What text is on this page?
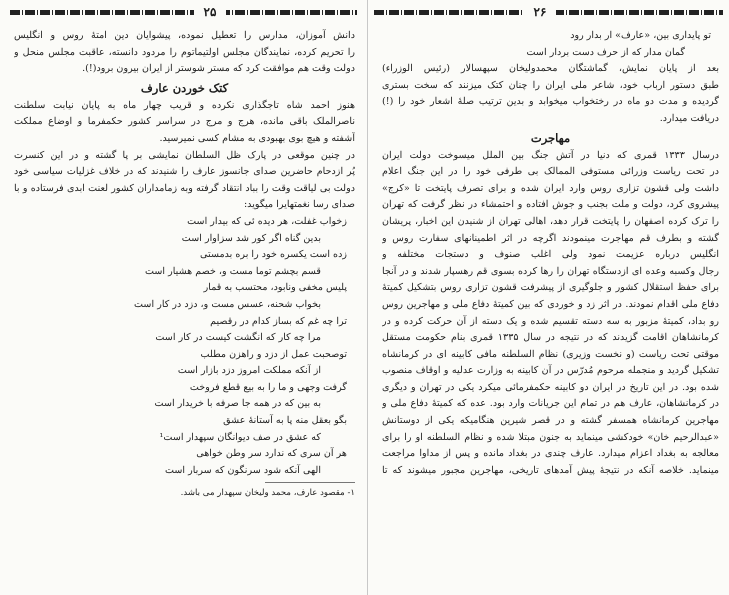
۲۶
تو پایداری بین، «عارف» ار بدار رود
گمان مدار که از حرف دست بردار است
بعد از پایان نمایش، گماشتگان محمدولیخان سپهسالار (رئیس الوزراء)
طبق دستور ارباب خود، شاعر ملی ایران را چنان کتک میزنند که سخت بستری
گردیده و مدت دو ماه در رختخواب میخوابد و بدین ترتیب صلۀ اشعار خود را (!)
دریافت میدارد.
مهاجرت
درسال ۱۳۳۳ قمری که دنیا در آتش جنگ بین الملل میسوخت دولت ایران
در تحت ریاست وزرائی مستوفی الممالک بی طرفی خود را در این جنگ اعلام
داشت ولی قشون تزاری روس وارد ایران شده و برای تصرف پایتخت تا «کرج»
پیشروی کرد، دولت و ملت بجنب و جوش افتاده و احتمشاء در نظر گرفت که تهران
را ترک کرده اصفهان را پایتخت قرار دهد، اهالی تهران از شنیدن این اخبار، پریشان
گشته و بطرف قم مهاجرت مینمودند اگرچه در اثر اطمینانهای سفارت روس و
انگلیس درباره عزیمت نمود ولی اغلب صنوف و دستجات مختلفه و
رجال وکسبه وعده ای ازدستگاه تهران را رها کرده بسوی قم رهسپار شدند و در آنجا
برای حفظ استقلال کشور و جلوگیری از پیشرفت قشون تزاری روس بتشکیل کمیتۀ
دفاع ملی اقدام نمودند. در اثر زد و خوردی که بین کمیتۀ دفاع ملی و مهاجرین روس
رو بداد، کمیتۀ مزبور به سه دسته تقسیم شده و یک دسته از آن حرکت کرده و در
کرمانشاهان اقامت گزیدند که در نتیجه در سال ۱۳۳۵ قمری بنام حکومت مستقل
موقتی تحت ریاست (و نخست وزیری) نظام السلطنه مافی کابینه ای در کرمانشاه
تشکیل گردید و منجمله مرحوم مُدرّس در آن کابینه به وزارت عدلیه و اوقاف منصوب
شده بود. در این تاریخ در ایران دو کابینه حکمفرمائی میکرد یکی در تهران و دیگری
در کرمانشاهان، عارف هم در تمام این جریانات وارد بود. عده که کمیتۀ دفاع ملی و
مهاجرین کرمانشاه همسفر گشته و در قصر شیرین هنگامیکه یکی از دوستانش
«عبدالرحیم خان» خودکشی مینماید به جنون مبتلا شده و نظام السلطنه او را برای
معالجه به بغداد اعزام میدارد. عارف چندی در بغداد مانده و پس از مداوا مراجعت
مینماید. خلاصه آنکه در نتیجۀ پیش آمدهای تاریخی، مهاجرین مجبور میشوند که تا
۲۵
دانش آموزان، مدارس را تعطیل نموده، پیشوایان دین امتۀ روس و انگلیس
را تحریم کرده، نمایندگان مجلس اولتیماتوم را مردود دانسته، عاقبت مجلس منحل و
دولت وقت هم موافقت کرد که مستر شوستر از ایران بیرون برود(!).
کتک خوردن عارف
هنوز احمد شاه تاجگذاری نکرده و قریب چهار ماه به پایان نیابت سلطنت
ناصرالملک باقی مانده، هرج و مرج در سراسر کشور حکمفرما و اوضاع مملکت
آشفته و هیچ بوی بهبودی به مشام کسی نمیرسید.
در چنین موقعی در پارک ظل السلطان نمایشی بر پا گشته و در این کنسرت
پُر ازدحام حاضرین صدای جانسوز عارف را شنیدند که در خلاف غزلیات سیاسی خود
دولت بی لیاقت وقت را بباد انتقاد گرفته وبه زمامداران کشور لعنت ابدی فرستاده و با
صدای رسا نغمتهایرا میگوید:
زخواب غفلت، هر دیده ئی که بیدار است
بدین گناه اگر کور شد سزاوار است
زده است یکسره خود را بره بدمستی
قسم بچشم توما مست و، خصم هشیار است
پلیس مخفی ونابود، محتسب به قمار
بخواب شحنه، عسس مست و، دزد در کار است
ترا چه غم که بساز کدام در رقصیم
مرا چه کار که انگشت کیست در کار است
توصحبت عمل از دزد و راهزن مطلب
از آنکه مملکت امروز دزد بازار است
گرفت وجهی و ما را به بیع قطع فروخت
به بین که در همه جا صرفه با خریدار است
بگو بعقل منه پا به آستانۀ عشق
که عشق در صف دیوانگان سپهدار است¹
هر آن سری که ندارد سر وطن خواهی
الهی آنکه شود سرنگون که سربار است
۱- مقصود عارف، محمد ولیخان سپهدار می باشد.
